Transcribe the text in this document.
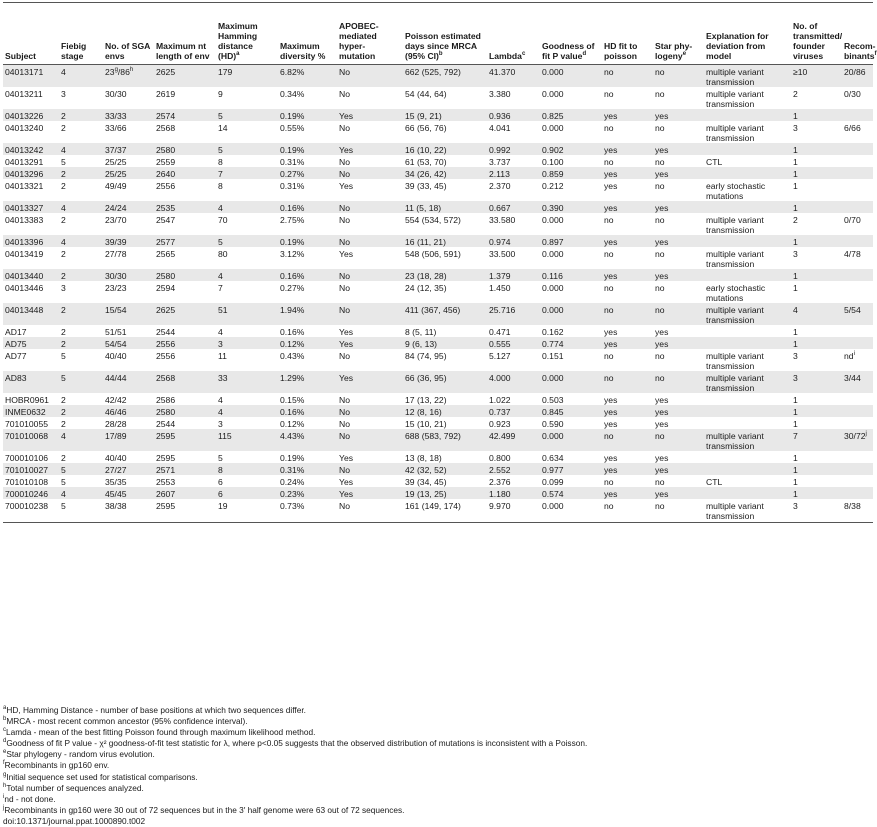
Subject	Fiebig stage	No. of SGA envs	Maximum nt length of env	Maximum Hamming distance (HD)$^a$	Maximum diversity %	APOBEC-mediated hyper-mutation	Poisson estimated days since MRCA (95% CI)$^b$	Lambda$^c$	Goodness of fit P value$^d$	HD fit to poisson	Star phy-logeny$^e$	Explanation for deviation from model	No. of transmitted/ founder viruses	Recom-binants$^f$
04013171	4	23$^g$/86$^h$	2625	179	6.82%	No	662 (525, 792)	41.370	0.000	no	no	multiple variant transmission	≥10	20/86
04013211	3	30/30	2619	9	0.34%	No	54 (44, 64)	3.380	0.000	no	no	multiple variant transmission	2	0/30
04013226	2	33/33	2574	5	0.19%	Yes	15 (9, 21)	0.936	0.825	yes	yes		1	
04013240	2	33/66	2568	14	0.55%	No	66 (56, 76)	4.041	0.000	no	no	multiple variant transmission	3	6/66
04013242	4	37/37	2580	5	0.19%	Yes	16 (10, 22)	0.992	0.902	yes	yes		1	
04013291	5	25/25	2559	8	0.31%	No	61 (53, 70)	3.737	0.100	no	no	CTL	1	
04013296	2	25/25	2640	7	0.27%	No	34 (26, 42)	2.113	0.859	yes	yes		1	
04013321	2	49/49	2556	8	0.31%	Yes	39 (33, 45)	2.370	0.212	yes	no	early stochastic mutations	1	
04013327	4	24/24	2535	4	0.16%	No	11 (5, 18)	0.667	0.390	yes	yes		1	
04013383	2	23/70	2547	70	2.75%	No	554 (534, 572)	33.580	0.000	no	no	multiple variant transmission	2	0/70
04013396	4	39/39	2577	5	0.19%	No	16 (11, 21)	0.974	0.897	yes	yes		1	
04013419	2	27/78	2565	80	3.12%	Yes	548 (506, 591)	33.500	0.000	no	no	multiple variant transmission	3	4/78
04013440	2	30/30	2580	4	0.16%	No	23 (18, 28)	1.379	0.116	yes	yes		1	
04013446	3	23/23	2594	7	0.27%	No	24 (12, 35)	1.450	0.000	no	no	early stochastic mutations	1	
04013448	2	15/54	2625	51	1.94%	No	411 (367, 456)	25.716	0.000	no	no	multiple variant transmission	4	5/54
AD17	2	51/51	2544	4	0.16%	Yes	8 (5, 11)	0.471	0.162	yes	yes		1	
AD75	2	54/54	2556	3	0.12%	Yes	9 (6, 13)	0.555	0.774	yes	yes		1	
AD77	5	40/40	2556	11	0.43%	No	84 (74, 95)	5.127	0.151	no	no	multiple variant transmission	3	$nd^i$
AD83	5	44/44	2568	33	1.29%	Yes	66 (36, 95)	4.000	0.000	no	no	multiple variant transmission	3	3/44
HOBR0961	2	42/42	2586	4	0.15%	No	17 (13, 22)	1.022	0.503	yes	yes		1	
INME0632	2	46/46	2580	4	0.16%	No	12 (8, 16)	0.737	0.845	yes	yes		1	
701010055	2	28/28	2544	3	0.12%	No	15 (10, 21)	0.923	0.590	yes	yes		1	
701010068	4	17/89	2595	115	4.43%	No	688 (583, 792)	42.499	0.000	no	no	multiple variant transmission	7	30/72$^j$
700010106	2	40/40	2595	5	0.19%	Yes	13 (8, 18)	0.800	0.634	yes	yes		1	
701010027	5	27/27	2571	8	0.31%	No	42 (32, 52)	2.552	0.977	yes	yes		1	
701010108	5	35/35	2553	6	0.24%	Yes	39 (34, 45)	2.376	0.099	no	no	CTL	1	
700010246	4	45/45	2607	6	0.23%	Yes	19 (13, 25)	1.180	0.574	yes	yes		1	
700010238	5	38/38	2595	19	0.73%	No	161 (149, 174)	9.970	0.000	no	no	multiple variant transmission	3	8/38
$^a$HD, Hamming Distance - number of base positions at which two sequences differ.
$^b$MRCA - most recent common ancestor (95% confidence interval).
$^c$Lamda - mean of the best fitting Poisson found through maximum likelihood method.
$^d$Goodness of fit P value - χ² goodness-of-fit test statistic for λ, where p<0.05 suggests that the observed distribution of mutations is inconsistent with a Poisson.
$^e$Star phylogeny - random virus evolution.
$^f$Recombinants in gp160 env.
$^g$Initial sequence set used for statistical comparisons.
$^h$Total number of sequences analyzed.
$^i$nd - not done.
$^j$Recombinants in gp160 were 30 out of 72 sequences but in the 3′ half genome were 63 out of 72 sequences.
doi:10.1371/journal.ppat.1000890.t002
